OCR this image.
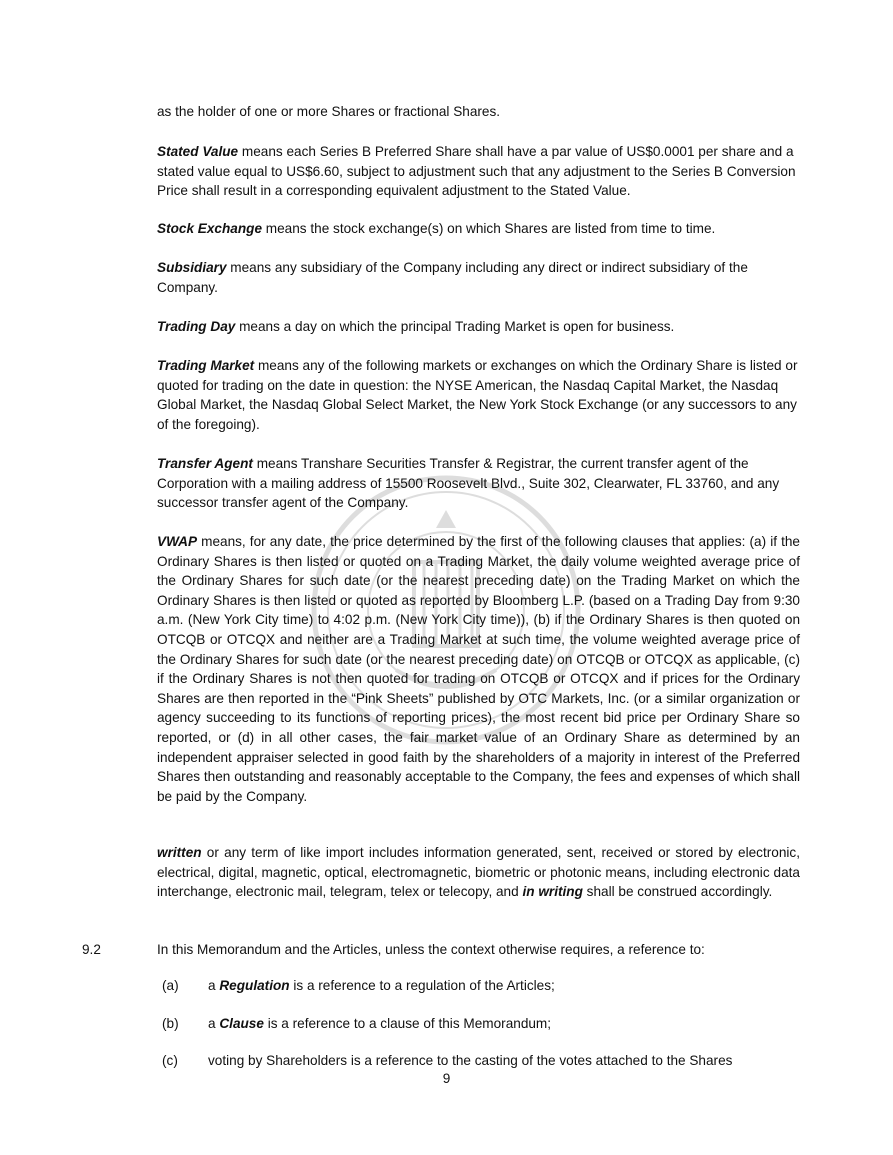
as the holder of one or more Shares or fractional Shares.

Stated Value means each Series B Preferred Share shall have a par value of US$0.0001 per share and a stated value equal to US$6.60, subject to adjustment such that any adjustment to the Series B Conversion Price shall result in a corresponding equivalent adjustment to the Stated Value.

Stock Exchange means the stock exchange(s) on which Shares are listed from time to time.

Subsidiary means any subsidiary of the Company including any direct or indirect subsidiary of the Company.

Trading Day means a day on which the principal Trading Market is open for business.

Trading Market means any of the following markets or exchanges on which the Ordinary Share is listed or quoted for trading on the date in question: the NYSE American, the Nasdaq Capital Market, the Nasdaq Global Market, the Nasdaq Global Select Market, the New York Stock Exchange (or any successors to any of the foregoing).

Transfer Agent means Transhare Securities Transfer & Registrar, the current transfer agent of the Corporation with a mailing address of 15500 Roosevelt Blvd., Suite 302, Clearwater, FL 33760, and any successor transfer agent of the Company.

VWAP means, for any date, the price determined by the first of the following clauses that applies: (a) if the Ordinary Shares is then listed or quoted on a Trading Market, the daily volume weighted average price of the Ordinary Shares for such date (or the nearest preceding date) on the Trading Market on which the Ordinary Shares is then listed or quoted as reported by Bloomberg L.P. (based on a Trading Day from 9:30 a.m. (New York City time) to 4:02 p.m. (New York City time)), (b) if the Ordinary Shares is then quoted on OTCQB or OTCQX and neither are a Trading Market at such time, the volume weighted average price of the Ordinary Shares for such date (or the nearest preceding date) on OTCQB or OTCQX as applicable, (c) if the Ordinary Shares is not then quoted for trading on OTCQB or OTCQX and if prices for the Ordinary Shares are then reported in the “Pink Sheets” published by OTC Markets, Inc. (or a similar organization or agency succeeding to its functions of reporting prices), the most recent bid price per Ordinary Share so reported, or (d) in all other cases, the fair market value of an Ordinary Share as determined by an independent appraiser selected in good faith by the shareholders of a majority in interest of the Preferred Shares then outstanding and reasonably acceptable to the Company, the fees and expenses of which shall be paid by the Company.

written or any term of like import includes information generated, sent, received or stored by electronic, electrical, digital, magnetic, optical, electromagnetic, biometric or photonic means, including electronic data interchange, electronic mail, telegram, telex or telecopy, and in writing shall be construed accordingly.

9.2	In this Memorandum and the Articles, unless the context otherwise requires, a reference to:

(a) a Regulation is a reference to a regulation of the Articles;

(b) a Clause is a reference to a clause of this Memorandum;

(c) voting by Shareholders is a reference to the casting of the votes attached to the Shares

9
